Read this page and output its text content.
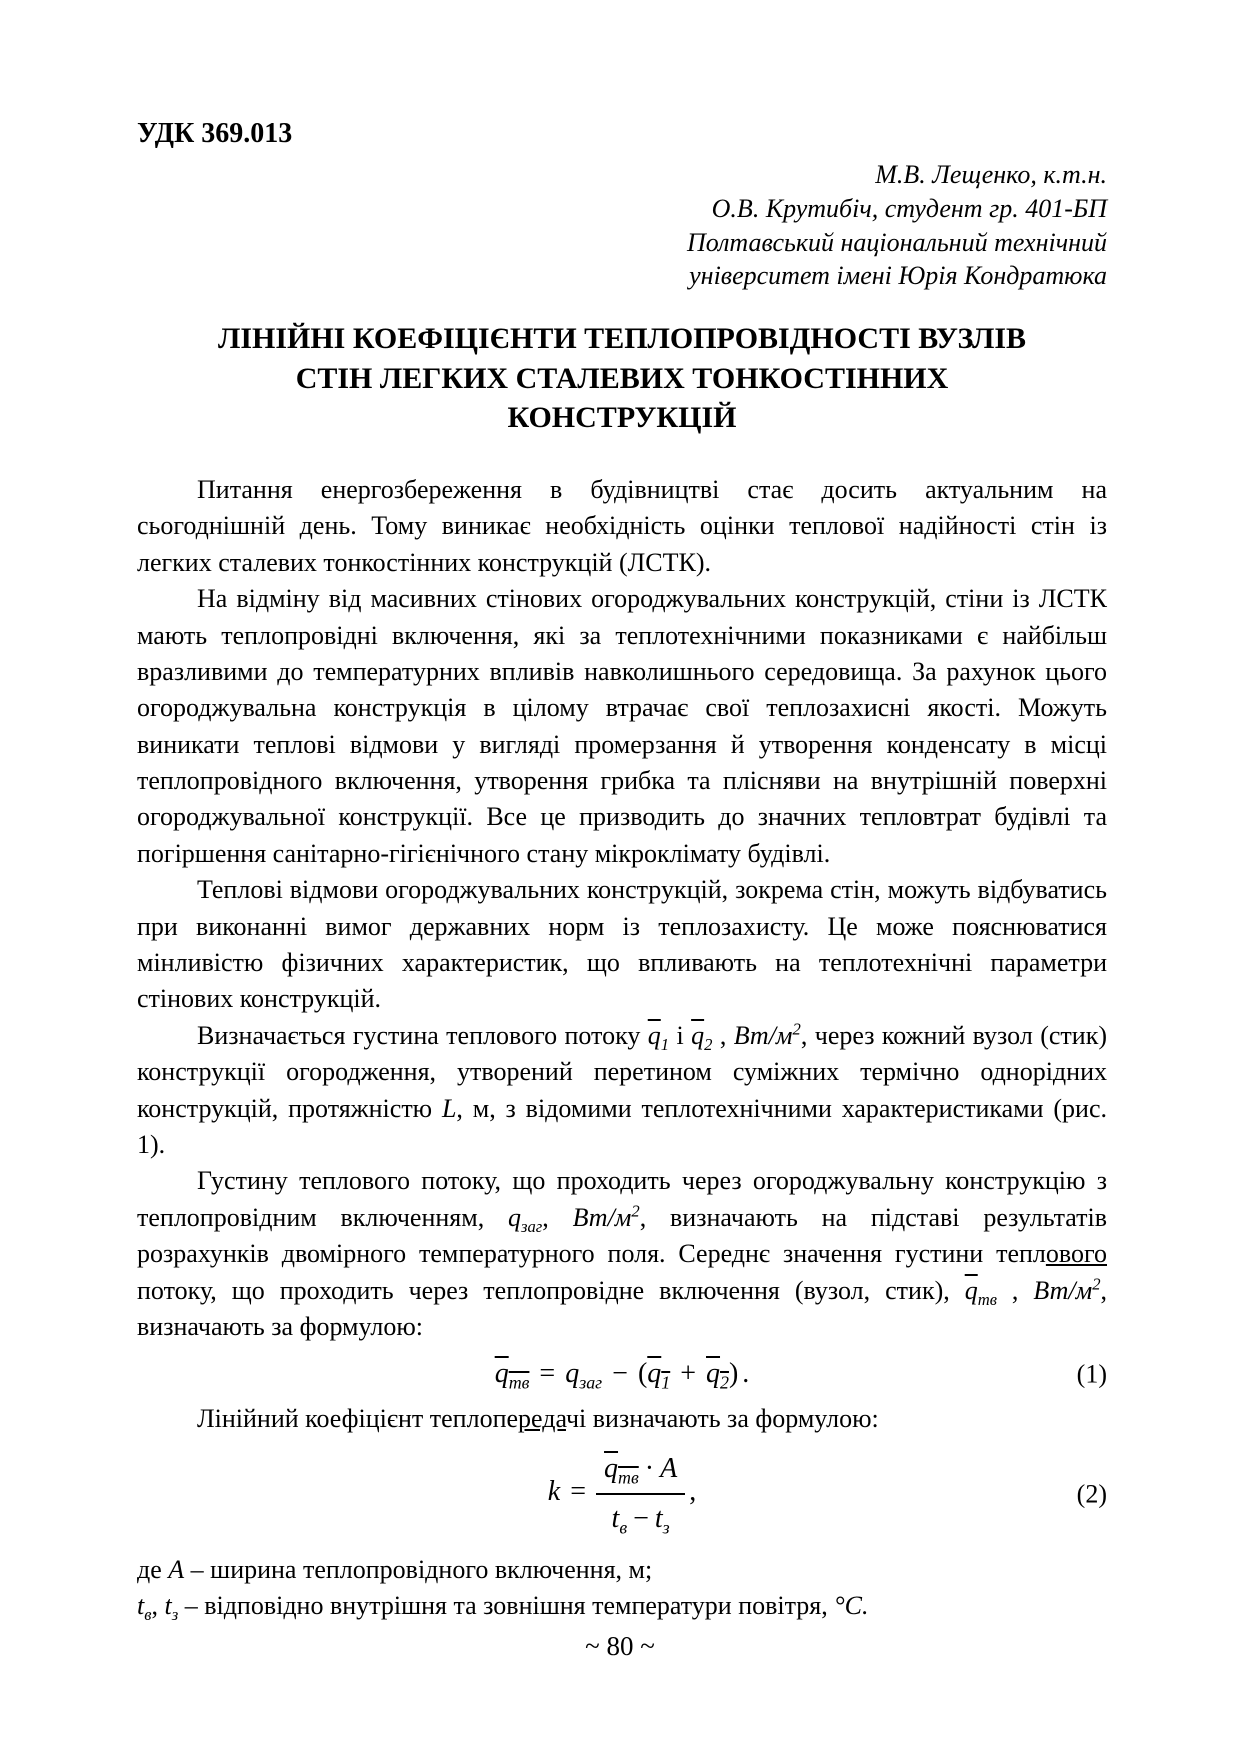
УДК 369.013
М.В. Лещенко, к.т.н.
О.В. Крутибіч, студент гр. 401-БП
Полтавський національний технічний
університет імені Юрія Кондратюка
ЛІНІЙНІ КОЕФІЦІЄНТИ ТЕПЛОПРОВІДНОСТІ ВУЗЛІВ
СТІН ЛЕГКИХ СТАЛЕВИХ ТОНКОСТІННИХ
КОНСТРУКЦІЙ

Питання енергозбереження в будівництві стає досить актуальним на сьогоднішній день. Тому виникає необхідність оцінки теплової надійності стін із легких сталевих тонкостінних конструкцій (ЛСТК).

На відміну від масивних стінових огороджувальних конструкцій, стіни із ЛСТК мають теплопровідні включення, які за теплотехнічними показниками є найбільш вразливими до температурних впливів навколишнього середовища. За рахунок цього огороджувальна конструкція в цілому втрачає свої теплозахисні якості. Можуть виникати теплові відмови у вигляді промерзання й утворення конденсату в місці теплопровідного включення, утворення грибка та плісняви на внутрішній поверхні огороджувальної конструкції. Все це призводить до значних тепловтрат будівлі та погіршення санітарно-гігієнічного стану мікроклімату будівлі.

Теплові відмови огороджувальних конструкцій, зокрема стін, можуть відбуватись при виконанні вимог державних норм із теплозахисту. Це може пояснюватися мінливістю фізичних характеристик, що впливають на теплотехнічні параметри стінових конструкцій.

Визначається густина теплового потоку $\overline{q}_1$ і $\overline{q}_2$ , $Вт/м^2$, через кожний вузол (стик) конструкції огородження, утворений перетином суміжних термічно однорідних конструкцій, протяжністю L, м, з відомими теплотехнічними характеристиками (рис. 1).

Густину теплового потоку, що проходить через огороджувальну конструкцію з теплопровідним включенням, $q_{заг}$, $Вт/м^2$, визначають на підставі результатів розрахунків двомірного температурного поля. Середнє значення густини теплового потоку, що проходить через теплопровідне включення (вузол, стик), $\overline{q}_{тв}$ , $Вт/м^2$, визначають за формулою:

$q_{тв} = q_{заг} - (q_1 + q_2)$ .	(1)

Лінійний коефіцієнт теплопередачі визначають за формулою:

$k = \frac{q_{тв} \cdot A}{t_в - t_з}$ ,	(2)

де A – ширина теплопровідного включення, м;

$t_в$, $t_з$ – відповідно внутрішня та зовнішня температури повітря, °С.

~ 80 ~
